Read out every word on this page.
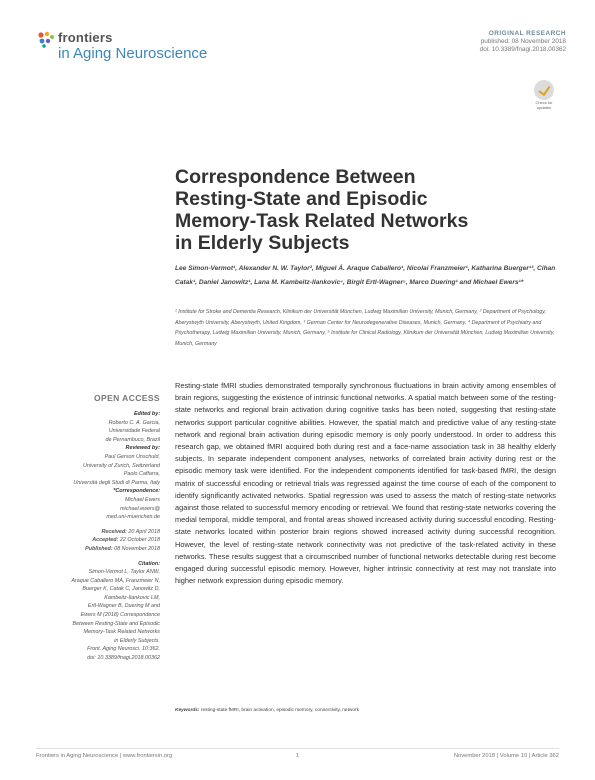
frontiers
in Aging Neuroscience
ORIGINAL RESEARCH
published: 08 November 2018
doi: 10.3389/fnagi.2018.00362
Check for updates
Correspondence Between Resting-State and Episodic Memory-Task Related Networks in Elderly Subjects
Lee Simon-Vermot¹, Alexander N. W. Taylor², Miguel Á. Araque Caballero¹, Nicolai Franzmeier¹, Katharina Buerger¹³, Cihan Catak¹, Daniel Janowitz¹, Lana M. Kambeitz-Ilankovic⁴, Birgit Ertl-Wagner⁵, Marco Duering¹ and Michael Ewers¹*
¹ Institute for Stroke and Dementia Research, Klinikum der Universität München, Ludwig Maximilian University, Munich, Germany, ² Department of Psychology, Aberystwyth University, Aberystwyth, United Kingdom, ³ German Center for Neurodegenerative Diseases, Munich, Germany, ⁴ Department of Psychiatry and Psychotherapy, Ludwig Maximilian University, Munich, Germany, ⁵ Institute for Clinical Radiology, Klinikum der Universität München, Ludwig Maximilian University, Munich, Germany
OPEN ACCESS
Edited by:
Roberto C. A. Garcia,
Universidade Federal
de Pernambuco, Brazil
Reviewed by:
Paul Gerson Unschuld,
University of Zurich, Switzerland
Paolo Caffarra,
Università degli Studi di Parma, Italy
*Correspondence:
Michael Ewers
michael.ewers@
med.uni-muenchen.de
Received: 20 April 2018
Accepted: 22 October 2018
Published: 08 November 2018
Citation:
Simon-Vermot L, Taylor ANW,
Araque Caballero MÁ, Franzmeier N,
Buerger K, Catak C, Janowitz D,
Kambeitz-Ilankovic LM,
Ertl-Wagner B, Duering M and
Ewers M (2018) Correspondence
Between Resting-State and Episodic
Memory-Task Related Networks
in Elderly Subjects.
Front. Aging Neurosci. 10:362.
doi: 10.3389/fnagi.2018.00362
Resting-state fMRI studies demonstrated temporally synchronous fluctuations in brain activity among ensembles of brain regions, suggesting the existence of intrinsic functional networks. A spatial match between some of the resting-state networks and regional brain activation during cognitive tasks has been noted, suggesting that resting-state networks support particular cognitive abilities. However, the spatial match and predictive value of any resting-state network and regional brain activation during episodic memory is only poorly understood. In order to address this research gap, we obtained fMRI acquired both during rest and a face-name association task in 38 healthy elderly subjects. In separate independent component analyses, networks of correlated brain activity during rest or the episodic memory task were identified. For the independent components identified for task-based fMRI, the design matrix of successful encoding or retrieval trials was regressed against the time course of each of the component to identify significantly activated networks. Spatial regression was used to assess the match of resting-state networks against those related to successful memory encoding or retrieval. We found that resting-state networks covering the medial temporal, middle temporal, and frontal areas showed increased activity during successful encoding. Resting-state networks located within posterior brain regions showed increased activity during successful recognition. However, the level of resting-state network connectivity was not predictive of the task-related activity in these networks. These results suggest that a circumscribed number of functional networks detectable during rest become engaged during successful episodic memory. However, higher intrinsic connectivity at rest may not translate into higher network expression during episodic memory.
Keywords: resting-state fMRI, brain activation, episodic memory, connectivity, network
Frontiers in Aging Neuroscience | www.frontiersin.org	1	November 2018 | Volume 10 | Article 362
